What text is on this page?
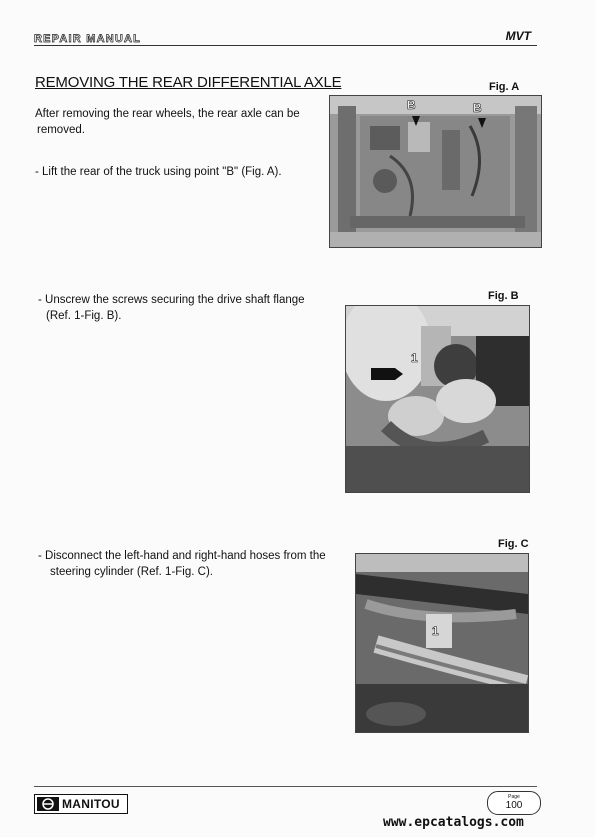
REPAIR MANUAL	MVT
REMOVING THE REAR DIFFERENTIAL AXLE
After removing the rear wheels, the rear axle can be
removed.
- Lift the rear of the truck using point "B" (Fig. A).
- Unscrew the screws securing the drive shaft flange
(Ref. 1-Fig. B).
- Disconnect the left-hand and right-hand hoses from the
steering cylinder (Ref. 1-Fig. C).
Fig. A
B	B
Fig. B
1
Fig. C
1
MANITOU	Page
100
www.epcatalogs.com
